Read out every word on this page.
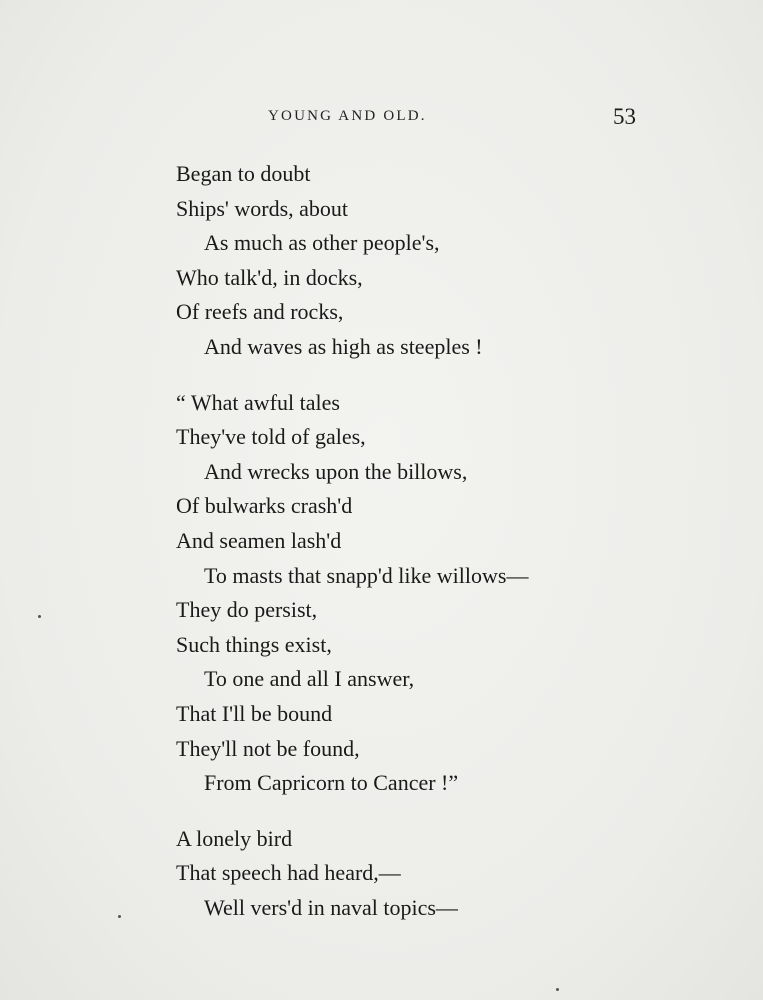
YOUNG AND OLD.	53
Began to doubt
Ships' words, about
As much as other people's,
Who talk'd, in docks,
Of reefs and rocks,
And waves as high as steeples !
“ What awful tales
They've told of gales,
And wrecks upon the billows,
Of bulwarks crash'd
And seamen lash'd
To masts that snapp'd like willows—
They do persist,
Such things exist,
To one and all I answer,
That I'll be bound
They'll not be found,
From Capricorn to Cancer !”
A lonely bird
That speech had heard,—
Well vers'd in naval topics—
